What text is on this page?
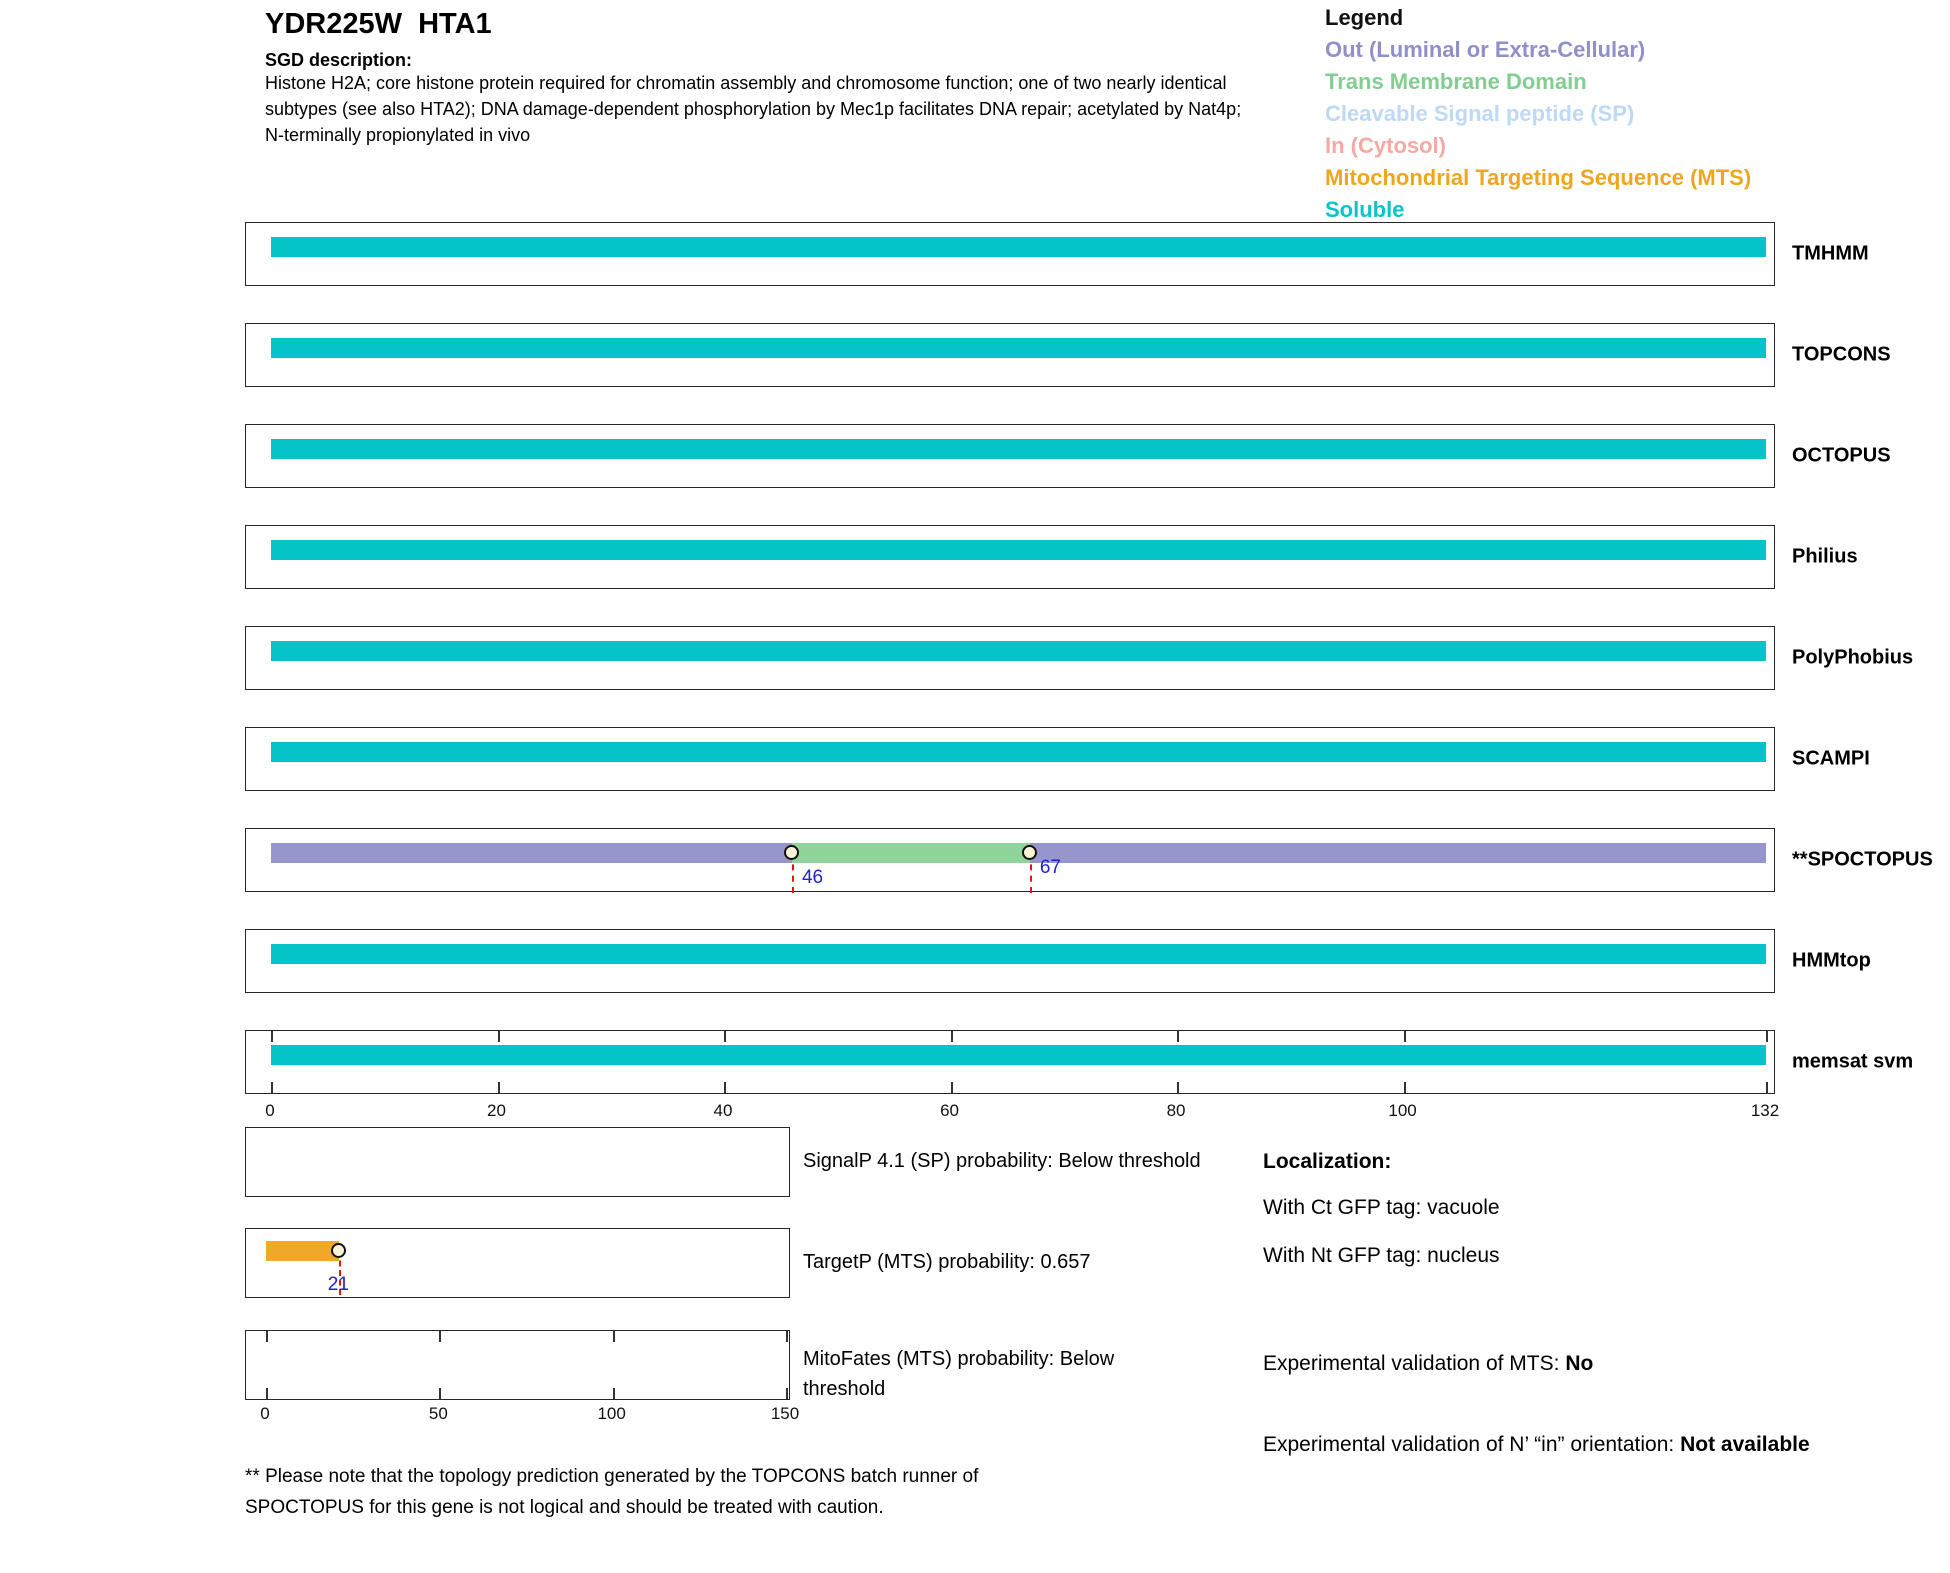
YDR225W  HTA1
SGD description:
Histone H2A; core histone protein required for chromatin assembly and chromosome function; one of two nearly identical subtypes (see also HTA2); DNA damage-dependent phosphorylation by Mec1p facilitates DNA repair; acetylated by Nat4p; N-terminally propionylated in vivo
Legend
Out (Luminal or Extra-Cellular)
Trans Membrane Domain
Cleavable Signal peptide (SP)
In (Cytosol)
Mitochondrial Targeting Sequence (MTS)
Soluble
TMHMM
TOPCONS
OCTOPUS
Philius
PolyPhobius
SCAMPI
46	67	**SPOCTOPUS
HMMtop
memsat svm
0	20	40	60	80	100	132
21
0	50	100	150
SignalP 4.1 (SP) probability: Below threshold
TargetP (MTS) probability: 0.657
MitoFates (MTS) probability: Below
threshold
Localization:
With Ct GFP tag: vacuole
With Nt GFP tag: nucleus
Experimental validation of MTS: No
Experimental validation of N’ “in” orientation: Not available
** Please note that the topology prediction generated by the TOPCONS batch runner of
SPOCTOPUS for this gene is not logical and should be treated with caution.
